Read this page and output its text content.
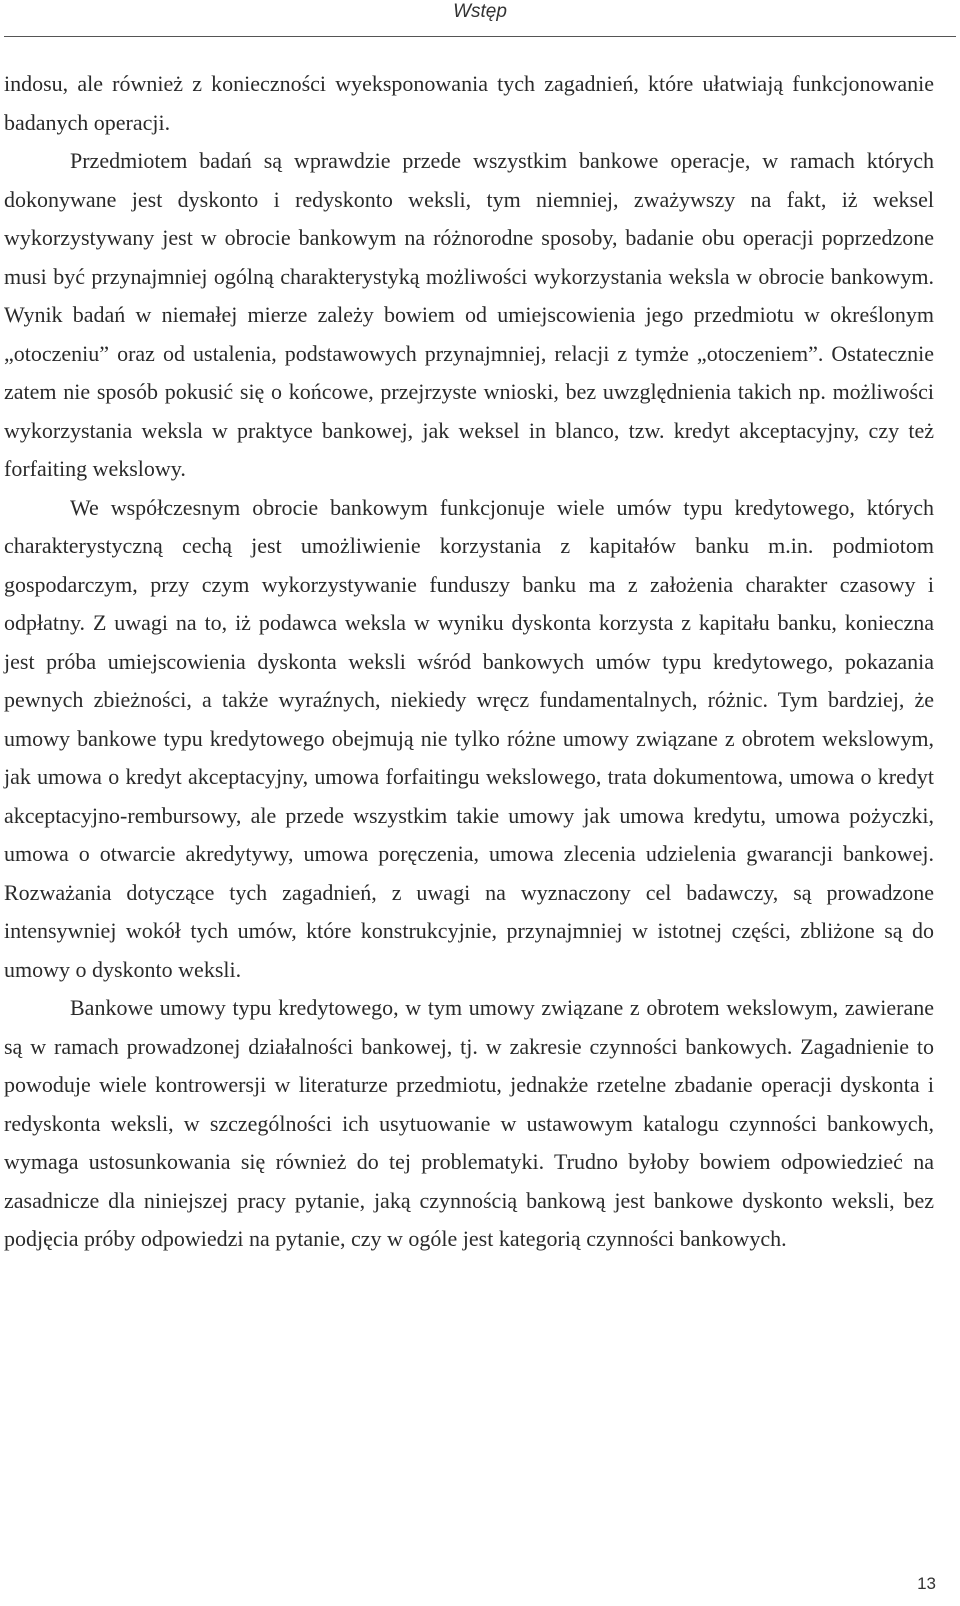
Wstęp

indosu, ale również z konieczności wyeksponowania tych zagadnień, które ułatwiają funkcjonowanie badanych operacji.

Przedmiotem badań są wprawdzie przede wszystkim bankowe operacje, w ramach których dokonywane jest dyskonto i redyskonto weksli, tym niemniej, zważywszy na fakt, iż weksel wykorzystywany jest w obrocie bankowym na różnorodne sposoby, badanie obu operacji poprzedzone musi być przynajmniej ogólną charakterystyką możliwości wykorzystania weksla w obrocie bankowym. Wynik badań w niemałej mierze zależy bowiem od umiejscowienia jego przedmiotu w określonym „otoczeniu” oraz od ustalenia, podstawowych przynajmniej, relacji z tymże „otoczeniem”. Ostatecznie zatem nie sposób pokusić się o końcowe, przejrzyste wnioski, bez uwzględnienia takich np. możliwości wykorzystania weksla w praktyce bankowej, jak weksel in blanco, tzw. kredyt akceptacyjny, czy też forfaiting wekslowy.

We współczesnym obrocie bankowym funkcjonuje wiele umów typu kredytowego, których charakterystyczną cechą jest umożliwienie korzystania z kapitałów banku m.in. podmiotom gospodarczym, przy czym wykorzystywanie funduszy banku ma z założenia charakter czasowy i odpłatny. Z uwagi na to, iż podawca weksla w wyniku dyskonta korzysta z kapitału banku, konieczna jest próba umiejscowienia dyskonta weksli wśród bankowych umów typu kredytowego, pokazania pewnych zbieżności, a także wyraźnych, niekiedy wręcz fundamentalnych, różnic. Tym bardziej, że umowy bankowe typu kredytowego obejmują nie tylko różne umowy związane z obrotem wekslowym, jak umowa o kredyt akceptacyjny, umowa forfaitingu wekslowego, trata dokumentowa, umowa o kredyt akceptacyjno-rembursowy, ale przede wszystkim takie umowy jak umowa kredytu, umowa pożyczki, umowa o otwarcie akredytywy, umowa poręczenia, umowa zlecenia udzielenia gwarancji bankowej. Rozważania dotyczące tych zagadnień, z uwagi na wyznaczony cel badawczy, są prowadzone intensywniej wokół tych umów, które konstrukcyjnie, przynajmniej w istotnej części, zbliżone są do umowy o dyskonto weksli.

Bankowe umowy typu kredytowego, w tym umowy związane z obrotem wekslowym, zawierane są w ramach prowadzonej działalności bankowej, tj. w zakresie czynności bankowych. Zagadnienie to powoduje wiele kontrowersji w literaturze przedmiotu, jednakże rzetelne zbadanie operacji dyskonta i redyskonta weksli, w szczególności ich usytuowanie w ustawowym katalogu czynności bankowych, wymaga ustosunkowania się również do tej problematyki. Trudno byłoby bowiem odpowiedzieć na zasadnicze dla niniejszej pracy pytanie, jaką czynnością bankową jest bankowe dyskonto weksli, bez podjęcia próby odpowiedzi na pytanie, czy w ogóle jest kategorią czynności bankowych.

13
